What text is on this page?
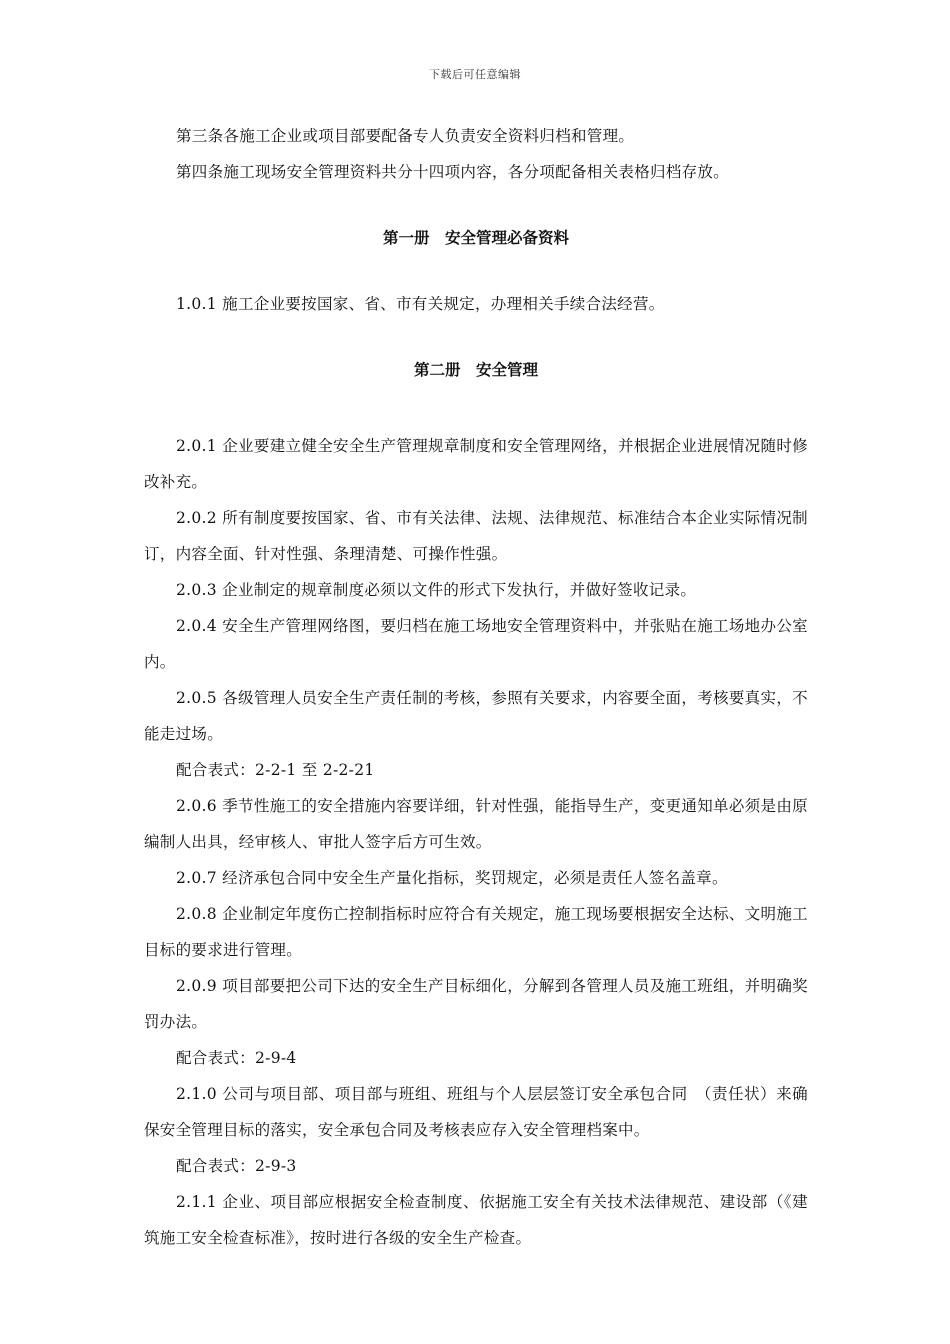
下载后可任意编辑

第三条各施工企业或项目部要配备专人负责安全资料归档和管理。

第四条施工现场安全管理资料共分十四项内容，各分项配备相关表格归档存放。

第一册　安全管理必备资料

1.0.1 施工企业要按国家、省、市有关规定，办理相关手续合法经营。

第二册　安全管理

2.0.1 企业要建立健全安全生产管理规章制度和安全管理网络，并根据企业进展情况随时修改补充。

2.0.2 所有制度要按国家、省、市有关法律、法规、法律规范、标准结合本企业实际情况制订，内容全面、针对性强、条理清楚、可操作性强。

2.0.3 企业制定的规章制度必须以文件的形式下发执行，并做好签收记录。

2.0.4 安全生产管理网络图，要归档在施工场地安全管理资料中，并张贴在施工场地办公室内。

2.0.5 各级管理人员安全生产责任制的考核，参照有关要求，内容要全面，考核要真实，不能走过场。

配合表式：2-2-1 至 2-2-21

2.0.6 季节性施工的安全措施内容要详细，针对性强，能指导生产，变更通知单必须是由原编制人出具，经审核人、审批人签字后方可生效。

2.0.7 经济承包合同中安全生产量化指标，奖罚规定，必须是责任人签名盖章。

2.0.8 企业制定年度伤亡控制指标时应符合有关规定，施工现场要根据安全达标、文明施工目标的要求进行管理。

2.0.9 项目部要把公司下达的安全生产目标细化，分解到各管理人员及施工班组，并明确奖罚办法。

配合表式：2-9-4

2.1.0 公司与项目部、项目部与班组、班组与个人层层签订安全承包合同　（责任状）来确保安全管理目标的落实，安全承包合同及考核表应存入安全管理档案中。

配合表式：2-9-3

2.1.1 企业、项目部应根据安全检查制度、依据施工安全有关技术法律规范、建设部（《建筑施工安全检查标准》，按时进行各级的安全生产检查。
